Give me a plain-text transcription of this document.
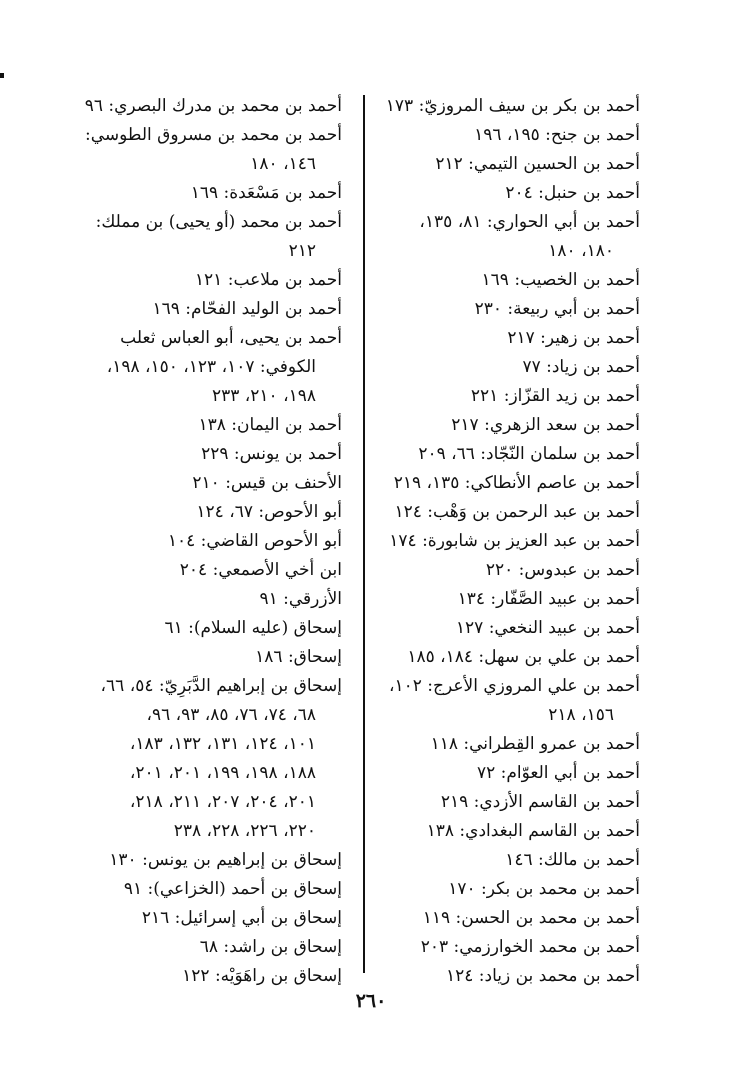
أحمد بن بكر بن سيف المروزيّ: ١٧٣
أحمد بن جنح: ١٩٥، ١٩٦
أحمد بن الحسين التيمي: ٢١٢
أحمد بن حنبل: ٢٠٤
أحمد بن أبي الحواري: ٨١، ١٣٥،
١٨٠، ١٨٠
أحمد بن الخصيب: ١٦٩
أحمد بن أبي ربيعة: ٢٣٠
أحمد بن زهير: ٢١٧
أحمد بن زياد: ٧٧
أحمد بن زيد القزّاز: ٢٢١
أحمد بن سعد الزهري: ٢١٧
أحمد بن سلمان النّجّاد: ٦٦، ٢٠٩
أحمد بن عاصم الأنطاكي: ١٣٥، ٢١٩
أحمد بن عبد الرحمن بن وَهْب: ١٢٤
أحمد بن عبد العزيز بن شابورة: ١٧٤
أحمد بن عبدوس: ٢٢٠
أحمد بن عبيد الصَّفّار: ١٣٤
أحمد بن عبيد النخعي: ١٢٧
أحمد بن علي بن سهل: ١٨٤، ١٨٥
أحمد بن علي المروزي الأعرج: ١٠٢،
١٥٦، ٢١٨
أحمد بن عمرو القِطراني: ١١٨
أحمد بن أبي العوّام: ٧٢
أحمد بن القاسم الأزدي: ٢١٩
أحمد بن القاسم البغدادي: ١٣٨
أحمد بن مالك: ١٤٦
أحمد بن محمد بن بكر: ١٧٠
أحمد بن محمد بن الحسن: ١١٩
أحمد بن محمد الخوارزمي: ٢٠٣
أحمد بن محمد بن زياد: ١٢٤
أحمد بن محمد بن مدرك البصري: ٩٦
أحمد بن محمد بن مسروق الطوسي:
١٤٦، ١٨٠
أحمد بن مَسْعَدة: ١٦٩
أحمد بن محمد (أو يحيى) بن مملك:
٢١٢
أحمد بن ملاعب: ١٢١
أحمد بن الوليد الفحّام: ١٦٩
أحمد بن يحيى، أبو العباس ثعلب
الكوفي: ١٠٧، ١٢٣، ١٥٠، ١٩٨،
١٩٨، ٢١٠، ٢٣٣
أحمد بن اليمان: ١٣٨
أحمد بن يونس: ٢٢٩
الأحنف بن قيس: ٢١٠
أبو الأحوص: ٦٧، ١٢٤
أبو الأحوص القاضي: ١٠٤
ابن أخي الأصمعي: ٢٠٤
الأزرقي: ٩١
إسحاق (عليه السلام): ٦١
إسحاق: ١٨٦
إسحاق بن إبراهيم الدَّبَرِيّ: ٥٤، ٦٦،
٦٨، ٧٤، ٧٦، ٨٥، ٩٣، ٩٦،
١٠١، ١٢٤، ١٣١، ١٣٢، ١٨٣،
١٨٨، ١٩٨، ١٩٩، ٢٠١، ٢٠١،
٢٠١، ٢٠٤، ٢٠٧، ٢١١، ٢١٨،
٢٢٠، ٢٢٦، ٢٢٨، ٢٣٨
إسحاق بن إبراهيم بن يونس: ١٣٠
إسحاق بن أحمد (الخزاعي): ٩١
إسحاق بن أبي إسرائيل: ٢١٦
إسحاق بن راشد: ٦٨
إسحاق بن راهَوَيْه: ١٢٢
٢٦٠
